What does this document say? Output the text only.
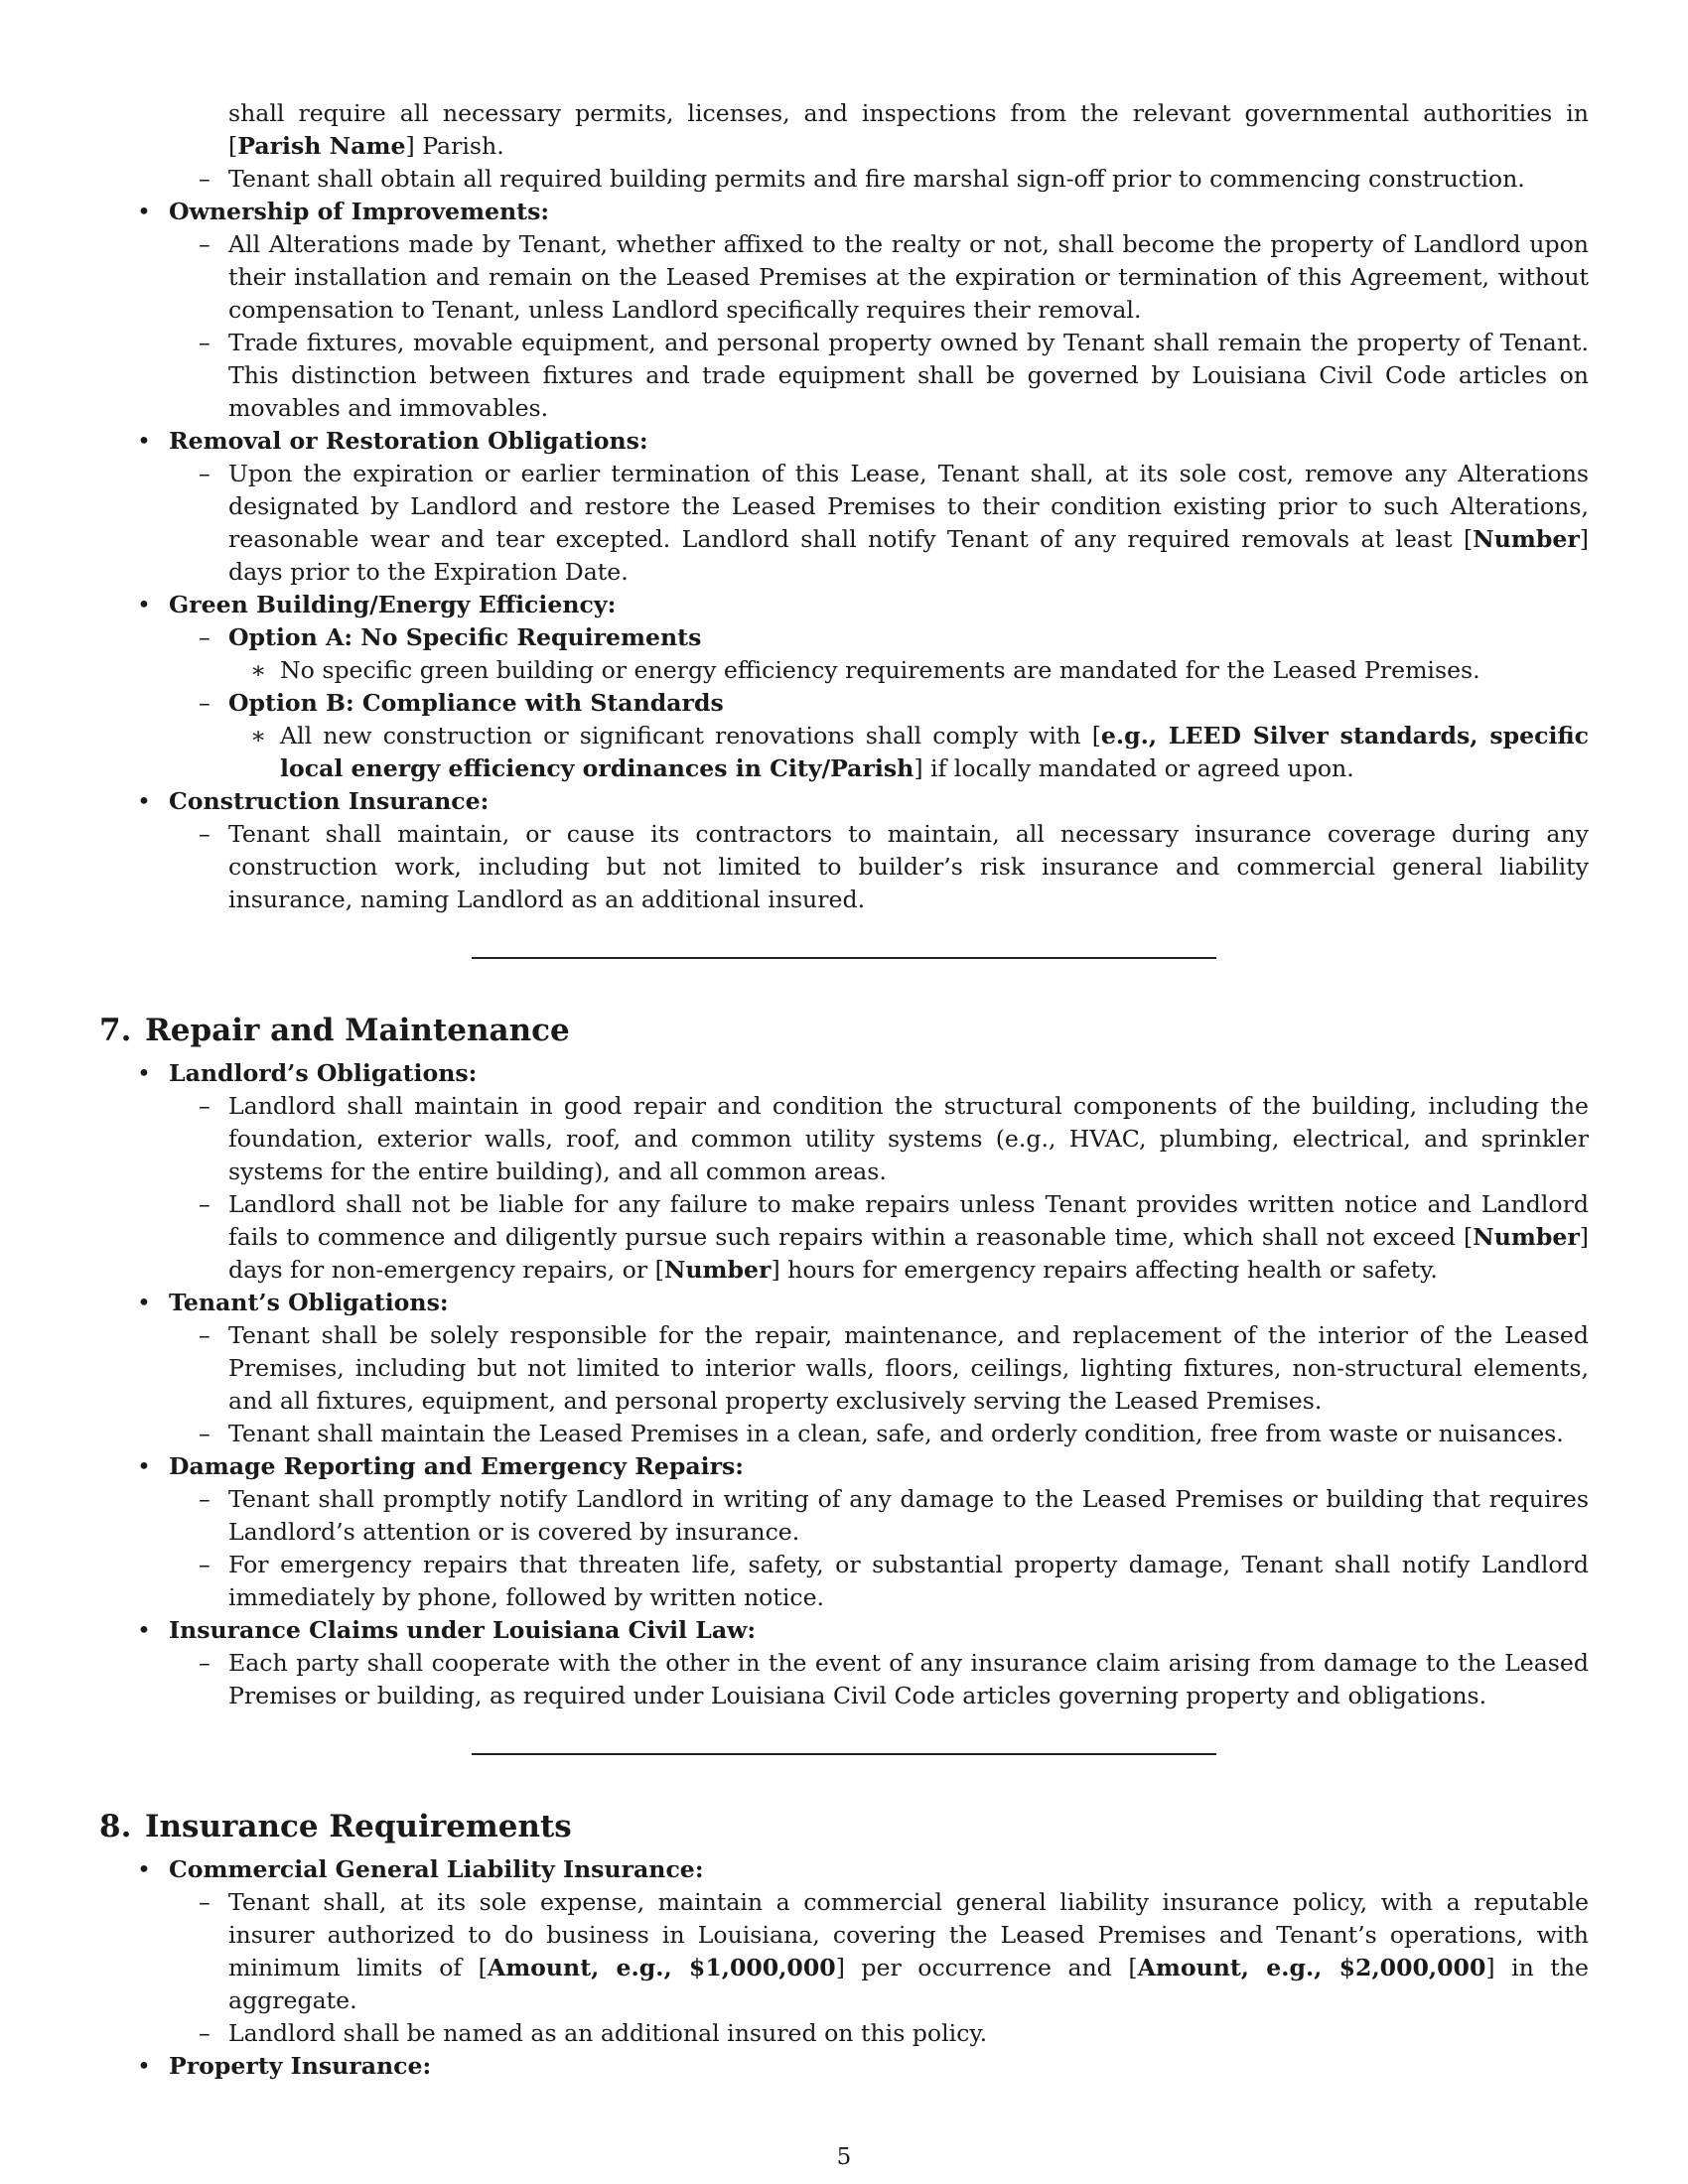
shall require all necessary permits, licenses, and inspections from the relevant governmental authorities in [Parish Name] Parish.
– Tenant shall obtain all required building permits and fire marshal sign-off prior to commencing construction.
• Ownership of Improvements:
– All Alterations made by Tenant, whether affixed to the realty or not, shall become the property of Landlord upon their installation and remain on the Leased Premises at the expiration or termination of this Agreement, without compensation to Tenant, unless Landlord specifically requires their removal.
– Trade fixtures, movable equipment, and personal property owned by Tenant shall remain the property of Tenant. This distinction between fixtures and trade equipment shall be governed by Louisiana Civil Code articles on movables and immovables.
• Removal or Restoration Obligations:
– Upon the expiration or earlier termination of this Lease, Tenant shall, at its sole cost, remove any Alterations designated by Landlord and restore the Leased Premises to their condition existing prior to such Alterations, reasonable wear and tear excepted. Landlord shall notify Tenant of any required removals at least [Number] days prior to the Expiration Date.
• Green Building/Energy Efficiency:
– Option A: No Specific Requirements
∗ No specific green building or energy efficiency requirements are mandated for the Leased Premises.
– Option B: Compliance with Standards
∗ All new construction or significant renovations shall comply with [e.g., LEED Silver standards, specific local energy efficiency ordinances in City/Parish] if locally mandated or agreed upon.
• Construction Insurance:
– Tenant shall maintain, or cause its contractors to maintain, all necessary insurance coverage during any construction work, including but not limited to builder’s risk insurance and commercial general liability insurance, naming Landlord as an additional insured.
7. Repair and Maintenance
• Landlord’s Obligations:
– Landlord shall maintain in good repair and condition the structural components of the building, including the foundation, exterior walls, roof, and common utility systems (e.g., HVAC, plumbing, electrical, and sprinkler systems for the entire building), and all common areas.
– Landlord shall not be liable for any failure to make repairs unless Tenant provides written notice and Landlord fails to commence and diligently pursue such repairs within a reasonable time, which shall not exceed [Number] days for non-emergency repairs, or [Number] hours for emergency repairs affecting health or safety.
• Tenant’s Obligations:
– Tenant shall be solely responsible for the repair, maintenance, and replacement of the interior of the Leased Premises, including but not limited to interior walls, floors, ceilings, lighting fixtures, non-structural elements, and all fixtures, equipment, and personal property exclusively serving the Leased Premises.
– Tenant shall maintain the Leased Premises in a clean, safe, and orderly condition, free from waste or nuisances.
• Damage Reporting and Emergency Repairs:
– Tenant shall promptly notify Landlord in writing of any damage to the Leased Premises or building that requires Landlord’s attention or is covered by insurance.
– For emergency repairs that threaten life, safety, or substantial property damage, Tenant shall notify Landlord immediately by phone, followed by written notice.
• Insurance Claims under Louisiana Civil Law:
– Each party shall cooperate with the other in the event of any insurance claim arising from damage to the Leased Premises or building, as required under Louisiana Civil Code articles governing property and obligations.
8. Insurance Requirements
• Commercial General Liability Insurance:
– Tenant shall, at its sole expense, maintain a commercial general liability insurance policy, with a reputable insurer authorized to do business in Louisiana, covering the Leased Premises and Tenant’s operations, with minimum limits of [Amount, e.g., $1,000,000] per occurrence and [Amount, e.g., $2,000,000] in the aggregate.
– Landlord shall be named as an additional insured on this policy.
• Property Insurance:
5
